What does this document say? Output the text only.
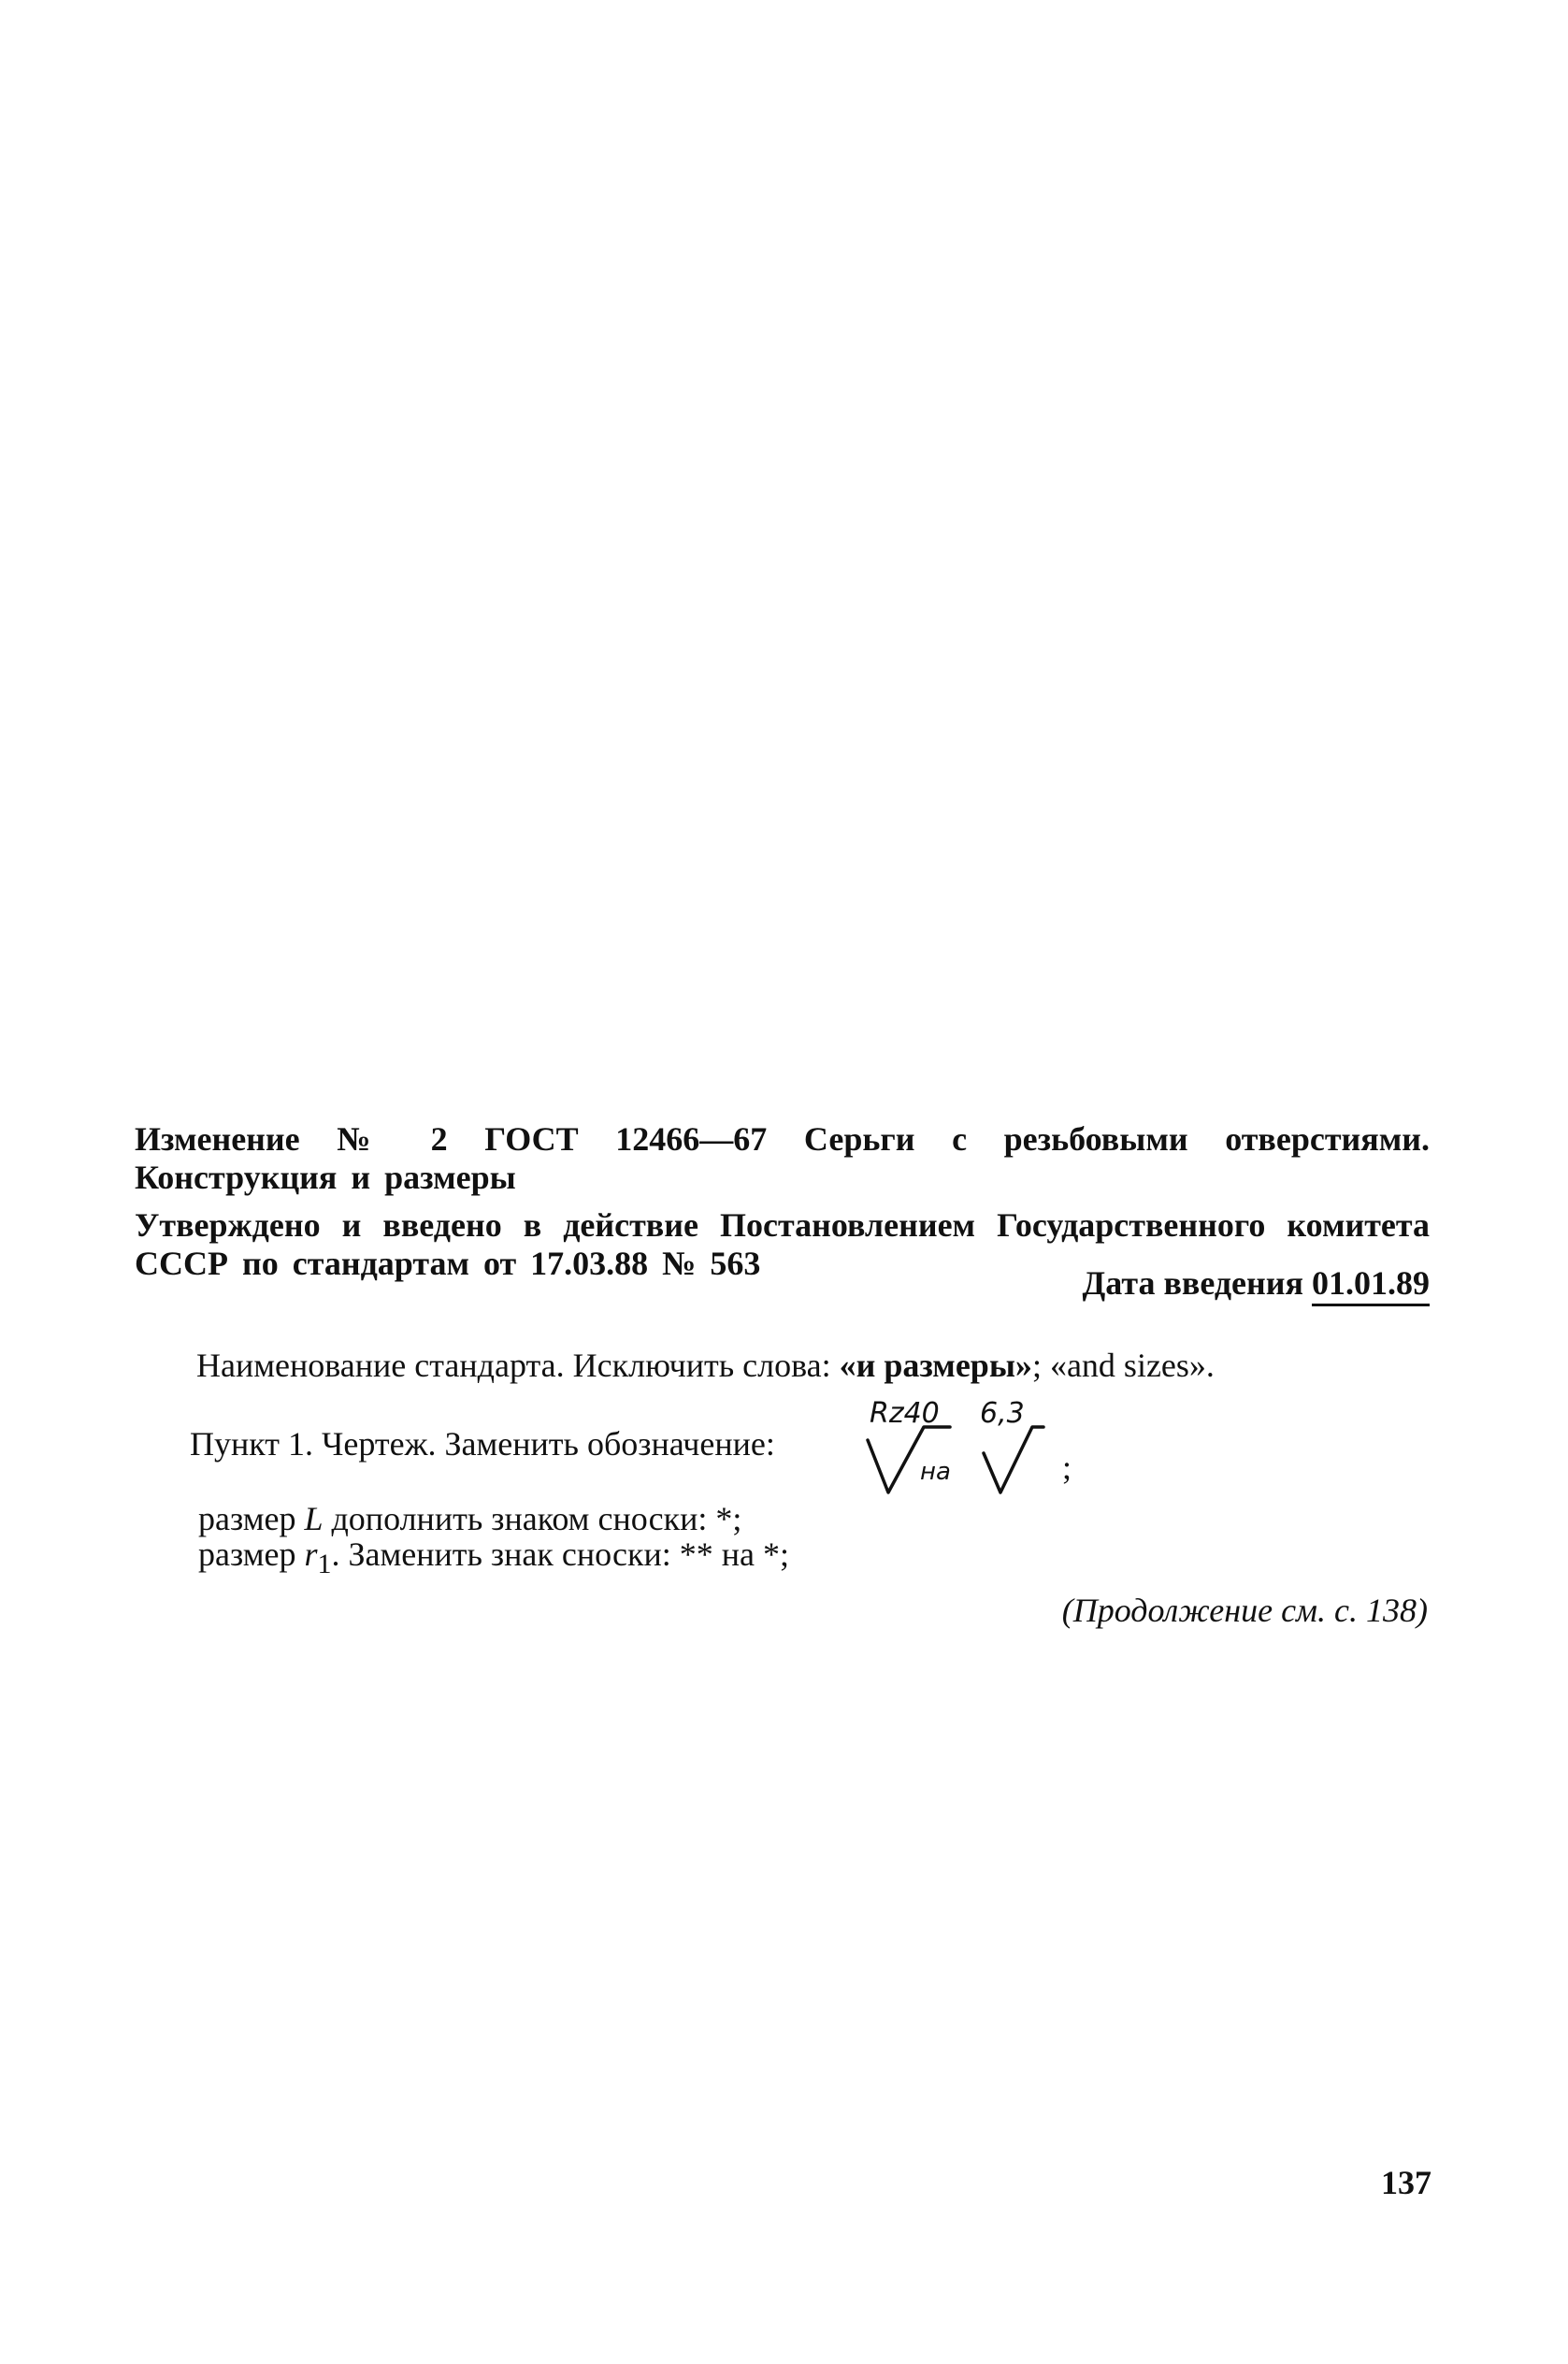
Изменение № 2 ГОСТ 12466—67 Серьги с резьбовыми отверстиями. Конструкция и размеры

Утверждено и введено в действие Постановлением Государственного комитета СССР по стандартам от 17.03.88 № 563

Дата введения 01.01.89
Наименование стандарта. Исключить слова: «и размеры»; «and sizes».
Пункт 1. Чертеж. Заменить обозначение:
Rz40 6,3
на	;
размер L дополнить знаком сноски: *;
размер $r_1$. Заменить знак сноски: ** на *;
(Продолжение см. с. 138)
137
